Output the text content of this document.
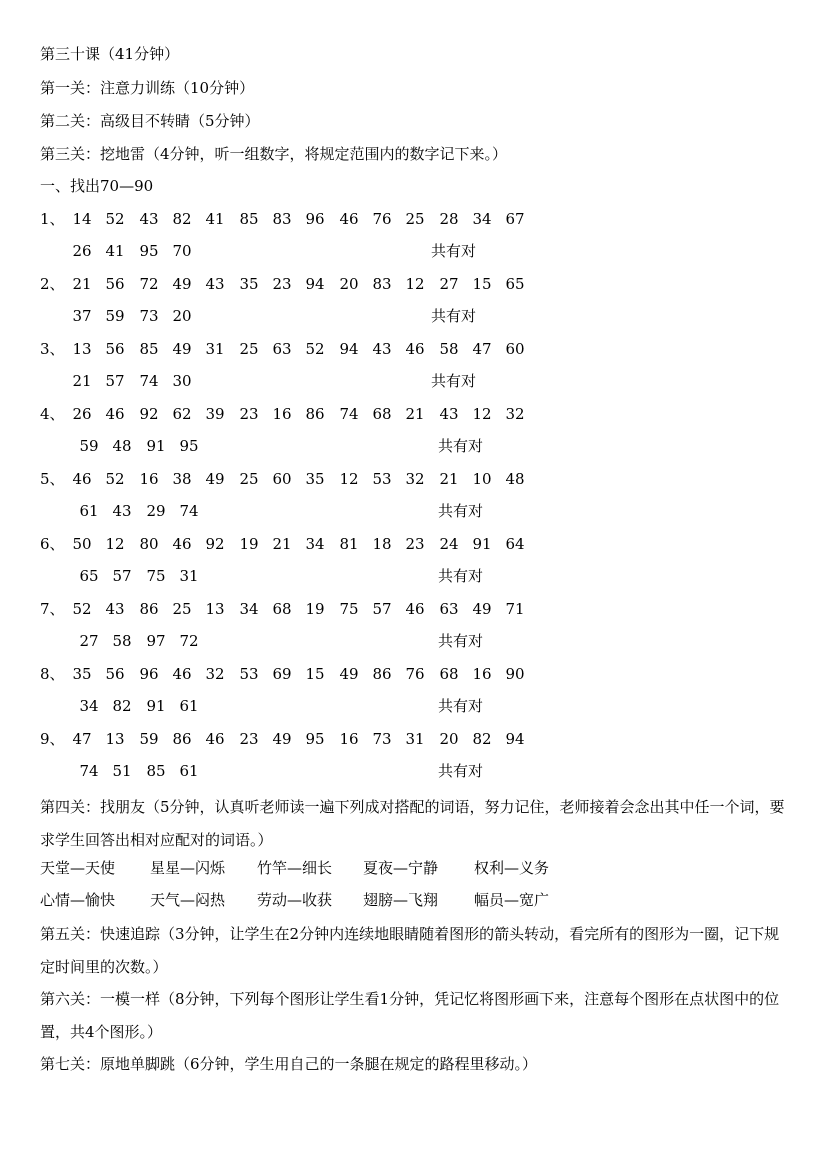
第三十课（41分钟）
第一关：注意力训练（10分钟）
第二关：高级目不转睛（5分钟）
第三关：挖地雷（4分钟，听一组数字，将规定范围内的数字记下来。）
一、找出70—90
1、 14 52 43 82 41 85 83 96 46 76 25 28 34 67
26 41 95 70	共有对
2、 21 56 72 49 43 35 23 94 20 83 12 27 15 65
37 59 73 20	共有对
3、 13 56 85 49 31 25 63 52 94 43 46 58 47 60
21 57 74 30	共有对
4、 26 46 92 62 39 23 16 86 74 68 21 43 12 32
59 48 91 95	共有对
5、 46 52 16 38 49 25 60 35 12 53 32 21 10 48
61 43 29 74	共有对
6、 50 12 80 46 92 19 21 34 81 18 23 24 91 64
65 57 75 31	共有对
7、 52 43 86 25 13 34 68 19 75 57 46 63 49 71
27 58 97 72	共有对
8、 35 56 96 46 32 53 69 15 49 86 76 68 16 90
34 82 91 61	共有对
9、 47 13 59 86 46 23 49 95 16 73 31 20 82 94
74 51 85 61	共有对
第四关：找朋友（5分钟，认真听老师读一遍下列成对搭配的词语，努力记住，老师接着会念出其中任一个词，要求学生回答出相对应配对的词语。）
天堂—天使 星星—闪烁 竹竿—细长 夏夜—宁静 权利—义务
心情—愉快 天气—闷热 劳动—收获 翅膀—飞翔 幅员—宽广
第五关：快速追踪（3分钟，让学生在2分钟内连续地眼睛随着图形的箭头转动，看完所有的图形为一圈，记下规定时间里的次数。）
第六关：一模一样（8分钟，下列每个图形让学生看1分钟，凭记忆将图形画下来，注意每个图形在点状图中的位置，共4个图形。）
第七关：原地单脚跳（6分钟，学生用自己的一条腿在规定的路程里移动。）
